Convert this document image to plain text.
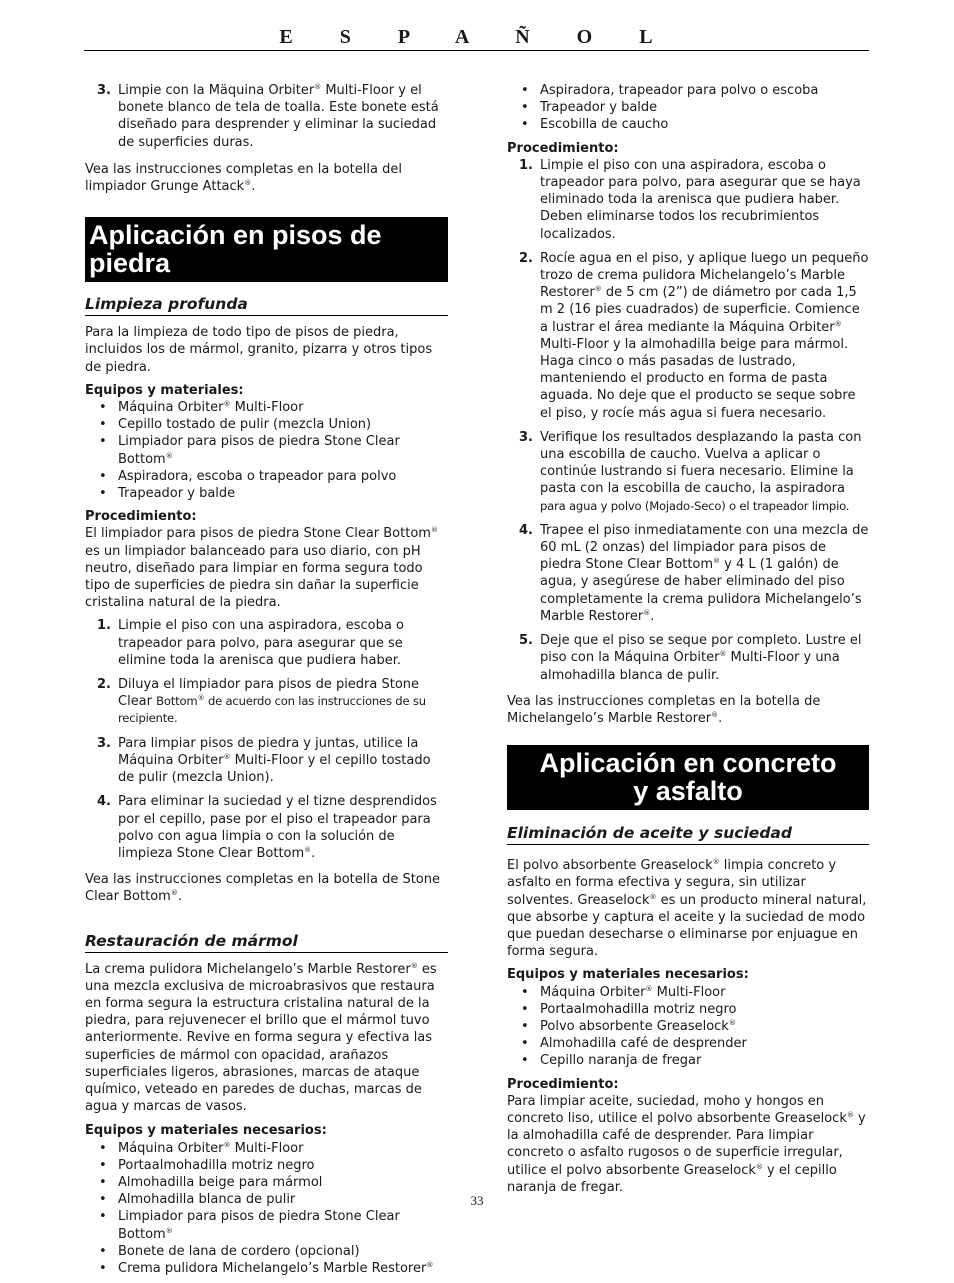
E S P A Ñ O L
3. Limpie con la Mäquina Orbiter® Multi-Floor y el bonete blanco de tela de toalla. Este bonete está diseñado para desprender y eliminar la suciedad de superficies duras.

Vea las instrucciones completas en la botella del limpiador Grunge Attack®.

Aplicación en pisos de piedra
Limpieza profunda

Para la limpieza de todo tipo de pisos de piedra, incluidos los de mármol, granito, pizarra y otros tipos de piedra.

Equipos y materiales:

• Máquina Orbiter® Multi-Floor
• Cepillo tostado de pulir (mezcla Union)
• Limpiador para pisos de piedra Stone Clear Bottom®
• Aspiradora, escoba o trapeador para polvo
• Trapeador y balde

Procedimiento:

El limpiador para pisos de piedra Stone Clear Bottom® es un limpiador balanceado para uso diario, con pH neutro, diseñado para limpiar en forma segura todo tipo de superficies de piedra sin dañar la superficie cristalina natural de la piedra.

1. Limpie el piso con una aspiradora, escoba o trapeador para polvo, para asegurar que se elimine toda la arenisca que pudiera haber.
2. Diluya el limpiador para pisos de piedra Stone Clear Bottom® de acuerdo con las instrucciones de su recipiente.
3. Para limpiar pisos de piedra y juntas, utilice la Máquina Orbiter® Multi-Floor y el cepillo tostado de pulir (mezcla Union).
4. Para eliminar la suciedad y el tizne desprendidos por el cepillo, pase por el piso el trapeador para polvo con agua limpia o con la solución de limpieza Stone Clear Bottom®.

Vea las instrucciones completas en la botella de Stone Clear Bottom®.

Restauración de mármol

La crema pulidora Michelangelo’s Marble Restorer® es una mezcla exclusiva de microabrasivos que restaura en forma segura la estructura cristalina natural de la piedra, para rejuvenecer el brillo que el mármol tuvo anteriormente. Revive en forma segura y efectiva las superficies de mármol con opacidad, arañazos superficiales ligeros, abrasiones, marcas de ataque químico, veteado en paredes de duchas, marcas de agua y marcas de vasos.

Equipos y materiales necesarios:

• Máquina Orbiter® Multi-Floor
• Portaalmohadilla motriz negro
• Almohadilla beige para mármol
• Almohadilla blanca de pulir
• Limpiador para pisos de piedra Stone Clear Bottom®
• Bonete de lana de cordero (opcional)
• Crema pulidora Michelangelo’s Marble Restorer®
• Aspiradora, trapeador para polvo o escoba
• Trapeador y balde
• Escobilla de caucho

Procedimiento:

1. Limpie el piso con una aspiradora, escoba o trapeador para polvo, para asegurar que se haya eliminado toda la arenisca que pudiera haber. Deben eliminarse todos los recubrimientos localizados.
2. Rocíe agua en el piso, y aplique luego un pequeño trozo de crema pulidora Michelangelo’s Marble Restorer® de 5 cm (2”) de diámetro por cada 1,5 m 2 (16 pies cuadrados) de superficie. Comience a lustrar el área mediante la Máquina Orbiter® Multi-Floor y la almohadilla beige para mármol. Haga cinco o más pasadas de lustrado, manteniendo el producto en forma de pasta aguada. No deje que el producto se seque sobre el piso, y rocíe más agua si fuera necesario.
3. Verifique los resultados desplazando la pasta con una escobilla de caucho. Vuelva a aplicar o continúe lustrando si fuera necesario. Elimine la pasta con la escobilla de caucho, la aspiradora para agua y polvo (Mojado-Seco) o el trapeador limpio.
4. Trapee el piso inmediatamente con una mezcla de 60 mL (2 onzas) del limpiador para pisos de piedra Stone Clear Bottom® y 4 L (1 galón) de agua, y asegúrese de haber eliminado del piso completamente la crema pulidora Michelangelo’s Marble Restorer®.
5. Deje que el piso se seque por completo. Lustre el piso con la Máquina Orbiter® Multi-Floor y una almohadilla blanca de pulir.

Vea las instrucciones completas en la botella de Michelangelo’s Marble Restorer®.

Aplicación en concreto
y asfalto
Eliminación de aceite y suciedad

El polvo absorbente Greaselock® limpia concreto y asfalto en forma efectiva y segura, sin utilizar solventes. Greaselock® es un producto mineral natural, que absorbe y captura el aceite y la suciedad de modo que puedan desecharse o eliminarse por enjuague en forma segura.

Equipos y materiales necesarios:

• Máquina Orbiter® Multi-Floor
• Portaalmohadilla motriz negro
• Polvo absorbente Greaselock®
• Almohadilla café de desprender
• Cepillo naranja de fregar

Procedimiento:

Para limpiar aceite, suciedad, moho y hongos en concreto liso, utilice el polvo absorbente Greaselock® y la almohadilla café de desprender. Para limpiar concreto o asfalto rugosos o de superficie irregular, utilice el polvo absorbente Greaselock® y el cepillo naranja de fregar.

33
